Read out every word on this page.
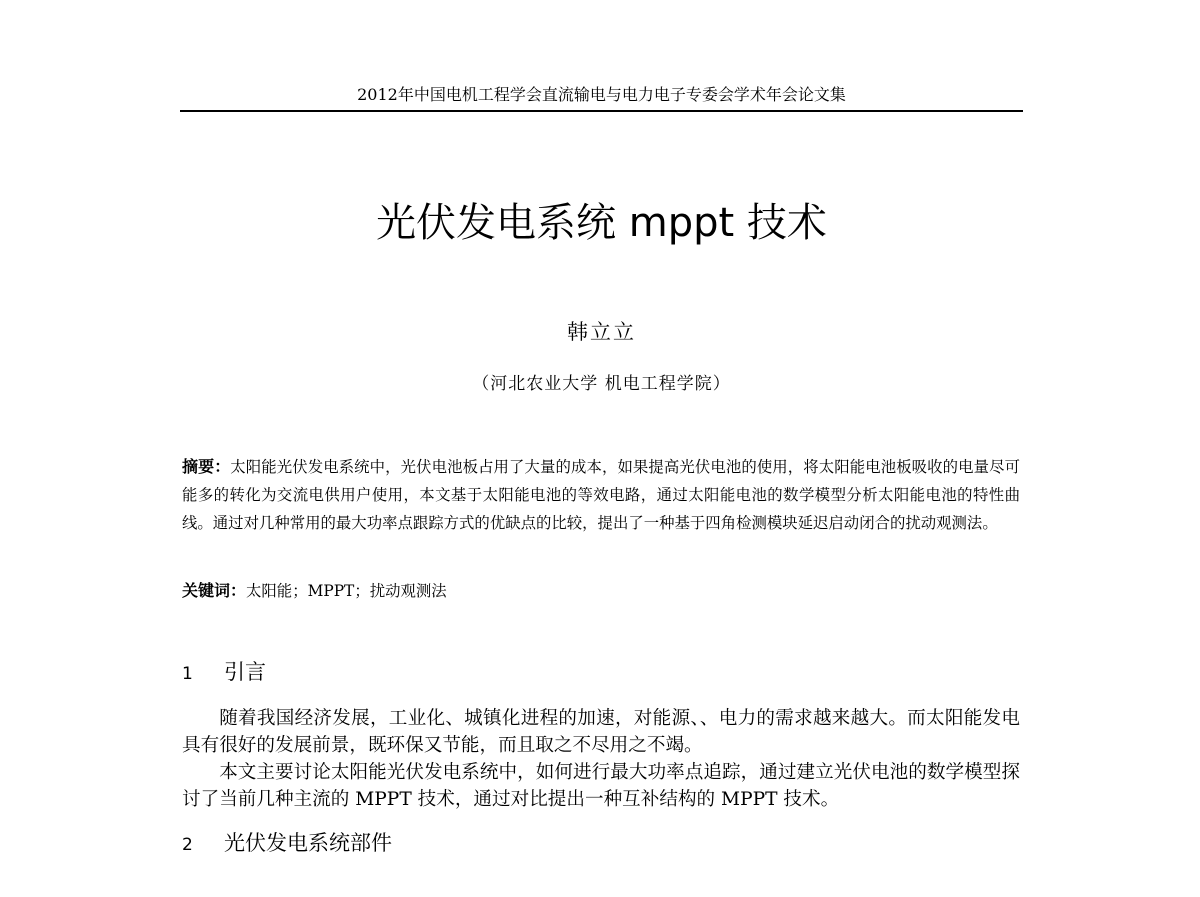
2012年中国电机工程学会直流输电与电力电子专委会学术年会论文集
光伏发电系统 mppt 技术
韩立立
（河北农业大学 机电工程学院）
摘要：太阳能光伏发电系统中，光伏电池板占用了大量的成本，如果提高光伏电池的使用，将太阳能电池板吸收的电量尽可能多的转化为交流电供用户使用，本文基于太阳能电池的等效电路，通过太阳能电池的数学模型分析太阳能电池的特性曲线。通过对几种常用的最大功率点跟踪方式的优缺点的比较，提出了一种基于四角检测模块延迟启动闭合的扰动观测法。
关键词：太阳能；MPPT；扰动观测法
1 引言

随着我国经济发展，工业化、城镇化进程的加速，对能源、、电力的需求越来越大。而太阳能发电具有很好的发展前景，既环保又节能，而且取之不尽用之不竭。

本文主要讨论太阳能光伏发电系统中，如何进行最大功率点追踪，通过建立光伏电池的数学模型探讨了当前几种主流的 MPPT 技术，通过对比提出一种互补结构的 MPPT 技术。

2 光伏发电系统部件
